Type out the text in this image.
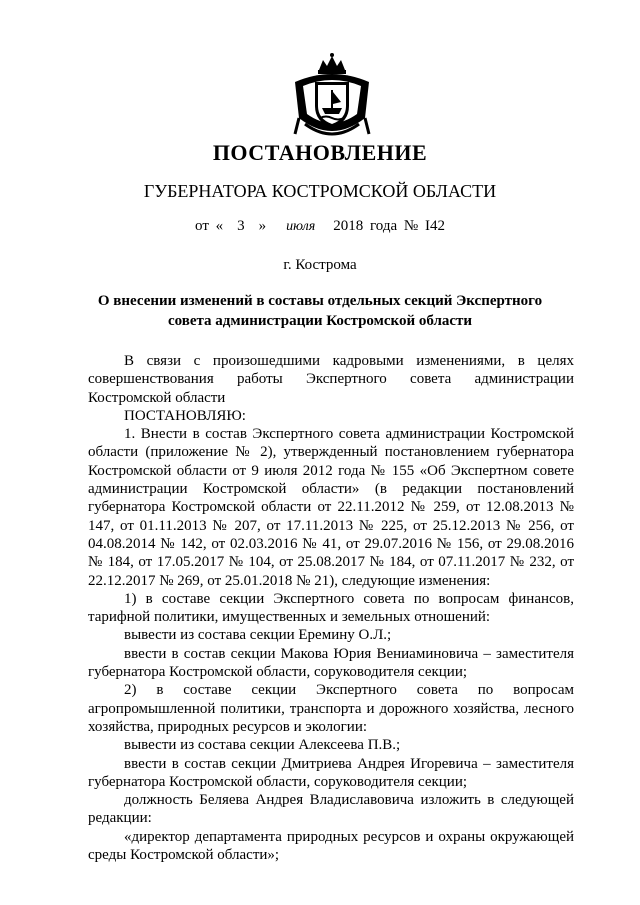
ПОСТАНОВЛЕНИЕ
ГУБЕРНАТОРА КОСТРОМСКОЙ ОБЛАСТИ
от « 3 » июля 2018 года № I42
г. Кострома
О внесении изменений в составы отдельных секций Экспертного
совета администрации Костромской области

В связи с произошедшими кадровыми изменениями, в целях совершенствования работы Экспертного совета администрации Костромской области

ПОСТАНОВЛЯЮ:

1. Внести в состав Экспертного совета администрации Костромской области (приложение № 2), утвержденный постановлением губернатора Костромской области от 9 июля 2012 года № 155 «Об Экспертном совете администрации Костромской области» (в редакции постановлений губернатора Костромской области от 22.11.2012 № 259, от 12.08.2013 № 147, от 01.11.2013 № 207, от 17.11.2013 № 225, от 25.12.2013 № 256, от 04.08.2014 № 142, от 02.03.2016 № 41, от 29.07.2016 № 156, от 29.08.2016 № 184, от 17.05.2017 № 104, от 25.08.2017 № 184, от 07.11.2017 № 232, от 22.12.2017 № 269, от 25.01.2018 № 21), следующие изменения:

1) в составе секции Экспертного совета по вопросам финансов, тарифной политики, имущественных и земельных отношений:

вывести из состава секции Еремину О.Л.;

ввести в состав секции Макова Юрия Вениаминовича – заместителя губернатора Костромской области, соруководителя секции;

2) в составе секции Экспертного совета по вопросам агропромышленной политики, транспорта и дорожного хозяйства, лесного хозяйства, природных ресурсов и экологии:

вывести из состава секции Алексеева П.В.;

ввести в состав секции Дмитриева Андрея Игоревича – заместителя губернатора Костромской области, соруководителя секции;

должность Беляева Андрея Владиславовича изложить в следующей редакции:

«директор департамента природных ресурсов и охраны окружающей среды Костромской области»;
